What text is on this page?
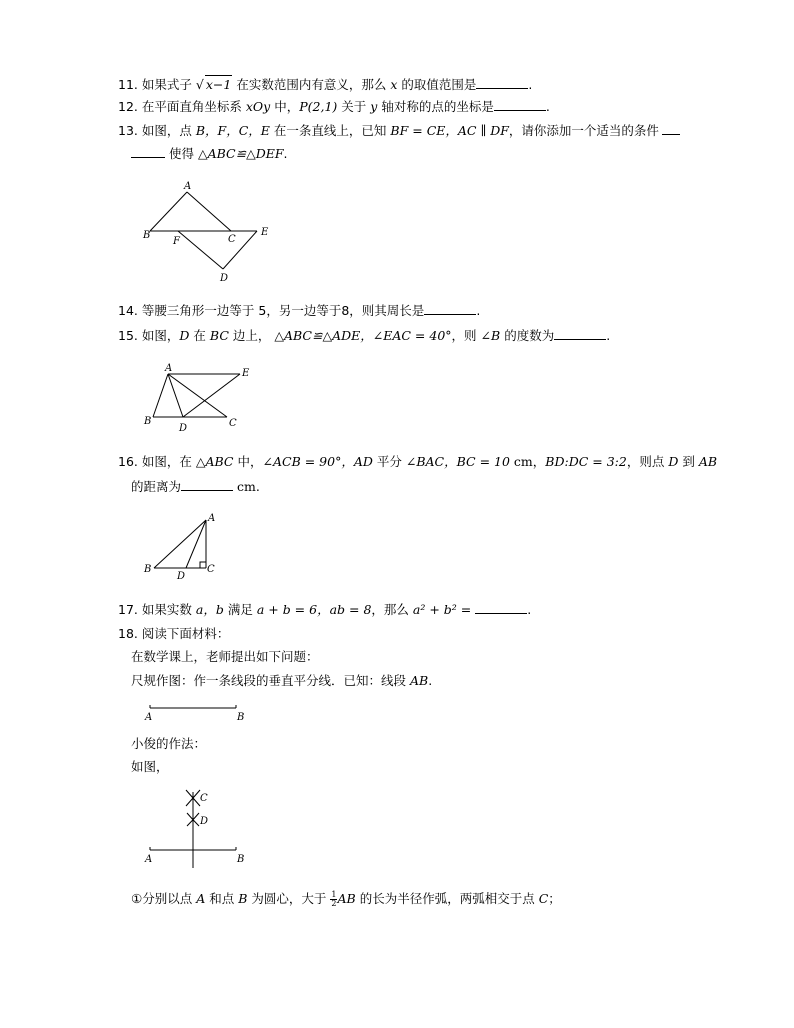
11. 如果式子 √ x−1 在实数范围内有意义，那么 x 的取值范围是	.
12. 在平面直角坐标系 xOy 中，P(2,1) 关于 y 轴对称的点的坐标是	.
13. 如图，点 B，F，C，E 在一条直线上，已知 BF = CE，AC ∥ DF，请你添加一个适当的条件
使得 △ABC≌△DEF.
A
B
F	C
E
D
14. 等腰三角形一边等于 5，另一边等于8，则其周长是	.
15. 如图，D 在 BC 边上， △ABC≌△ADE，∠EAC = 40°，则 ∠B 的度数为	.
A	E
B
D	C
16. 如图，在 △ABC 中，∠ACB = 90°，AD 平分 ∠BAC，BC = 10 cm，BD:DC = 3:2，则点 D 到 AB
的距离为	cm.
A
B
D
C
17. 如果实数 a，b 满足 a + b = 6，ab = 8，那么 a² + b² =	.
18. 阅读下面材料：
在数学课上，老师提出如下问题：
尺规作图：作一条线段的垂直平分线．已知：线段 AB.
A	B
小俊的作法：
如图，
C
D
A	B
①分别以点 A 和点 B 为圆心，大于 $\frac{1}{2}$ AB 的长为半径作弧，两弧相交于点 C；
